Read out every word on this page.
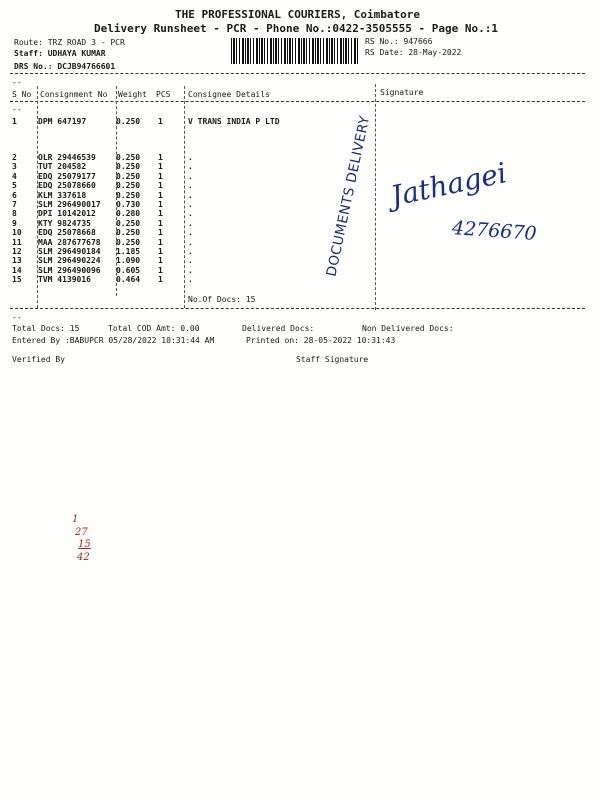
THE PROFESSIONAL COURIERS, Coimbatore
Delivery Runsheet - PCR - Phone No.:0422-3505555 - Page No.:1
Route: TRZ ROAD 3 - PCR
Staff: UDHAYA KUMAR
DRS No.: DCJB94766601
RS No.: 947666
RS Date: 28-May-2022
--
S No Consignment No Weight PCS Consignee Details	Signature
--
1	DPM 647197	0.250 1	V TRANS INDIA P LTD
2	OLR 29446539	0.250 1	.
3	TUT 204582	0.250 1	.
4	EDQ 25079177	0.250 1	.
5	EDQ 25078660	0.250 1	.
6	KLM 337618	0.250 1	.
7	SLM 296490017 0.730 1	.
8	DPI 10142012	0.280 1	.
9	KTY 9824735	0.250 1	.
10 EDQ 25078668	0.250 1	.
11 MAA 287677678 0.250 1	.
12 SLM 296490184 1.185 1	.
13 SLM 296490224 1.090 1	.
14 SLM 296490096 0.605 1	.
15 TVM 4139016	0.464 1	.
No.Of Docs: 15
DOCUMENTS DELIVERY Jathagei
4276670
--
Total Docs: 15	Total COD Amt: 0.00	Delivered Docs:	Non Delivered Docs:
Entered By :BABUPCR 05/28/2022 10:31:44 AM	Printed on: 28-05-2022 10:31:43
Verified By	Staff Signature
1
27
15
42
